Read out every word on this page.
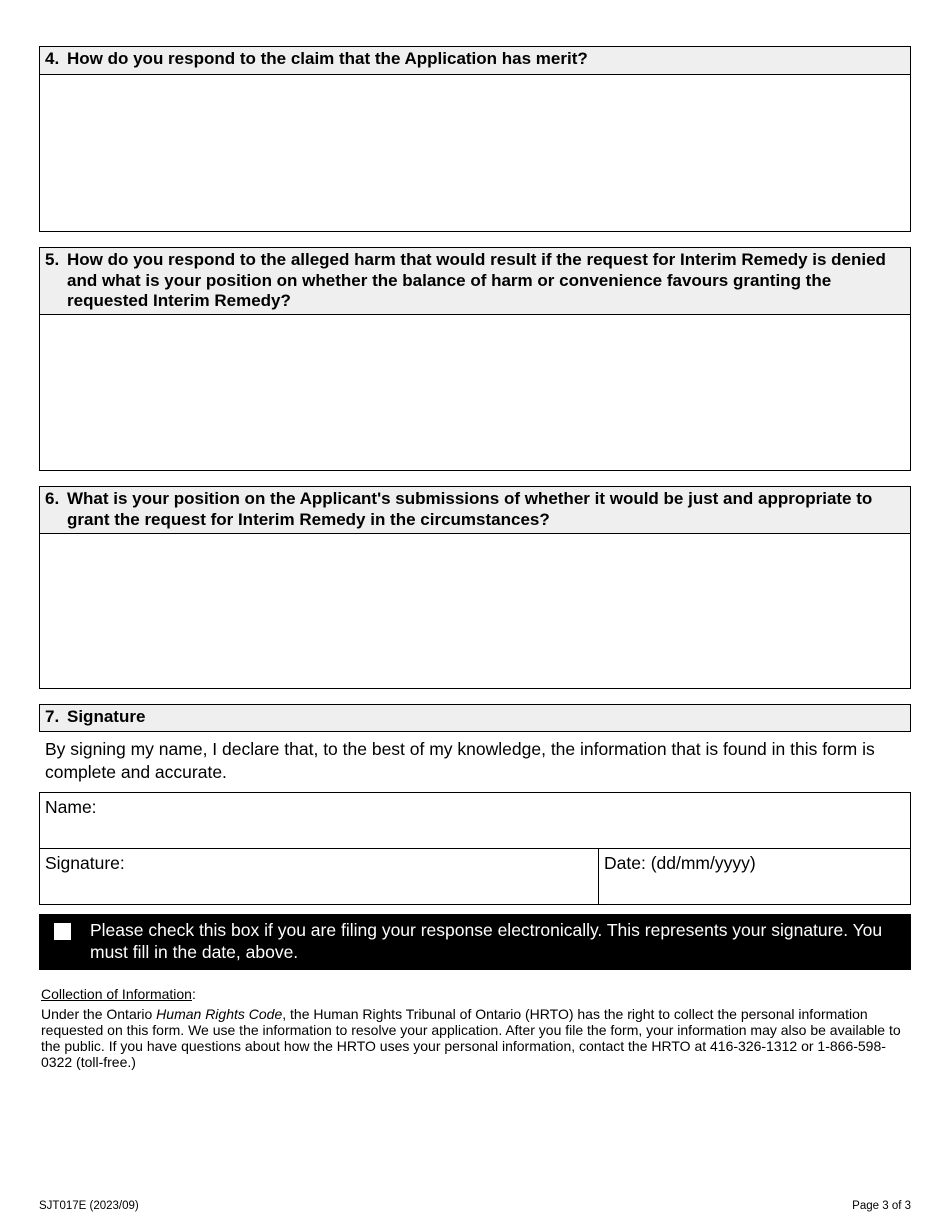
4. How do you respond to the claim that the Application has merit?
5. How do you respond to the alleged harm that would result if the request for Interim Remedy is denied and what is your position on whether the balance of harm or convenience favours granting the requested Interim Remedy?
6. What is your position on the Applicant's submissions of whether it would be just and appropriate to grant the request for Interim Remedy in the circumstances?
7. Signature
By signing my name, I declare that, to the best of my knowledge, the information that is found in this form is complete and accurate.
Name:
Signature:	Date: (dd/mm/yyyy)
Please check this box if you are filing your response electronically. This represents your signature. You must fill in the date, above.
Collection of Information:
Under the Ontario Human Rights Code, the Human Rights Tribunal of Ontario (HRTO) has the right to collect the personal information requested on this form. We use the information to resolve your application. After you file the form, your information may also be available to the public. If you have questions about how the HRTO uses your personal information, contact the HRTO at 416-326-1312 or 1-866-598-0322 (toll-free.)
SJT017E (2023/09)	Page 3 of 3
